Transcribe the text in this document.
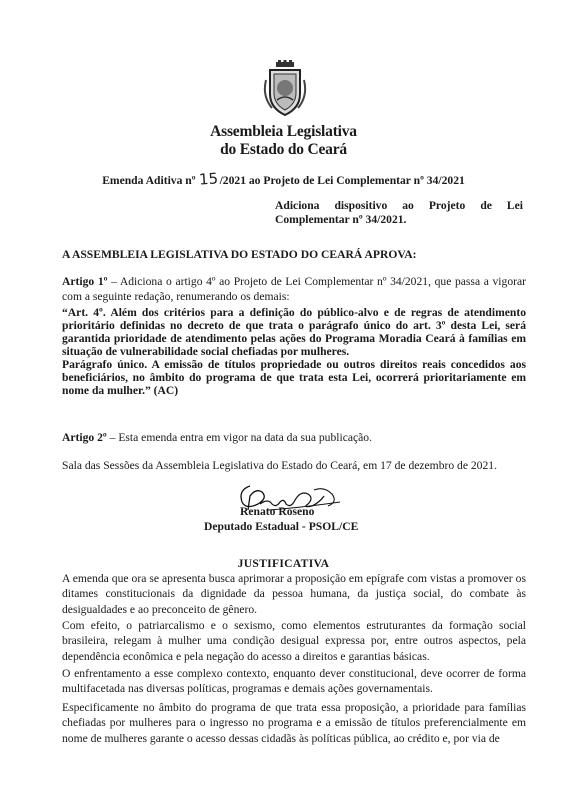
Assembleia Legislativa
do Estado do Ceará
Emenda Aditiva nº 15/2021 ao Projeto de Lei Complementar nº 34/2021
Adiciona dispositivo ao Projeto de Lei Complementar nº 34/2021.
A ASSEMBLEIA LEGISLATIVA DO ESTADO DO CEARÁ APROVA:
Artigo 1º – Adiciona o artigo 4º ao Projeto de Lei Complementar nº 34/2021, que passa a vigorar com a seguinte redação, renumerando os demais:
“Art. 4º. Além dos critérios para a definição do público-alvo e de regras de atendimento prioritário definidas no decreto de que trata o parágrafo único do art. 3º desta Lei, será garantida prioridade de atendimento pelas ações do Programa Moradia Ceará à famílias em situação de vulnerabilidade social chefiadas por mulheres.
Parágrafo único. A emissão de títulos propriedade ou outros direitos reais concedidos aos beneficiários, no âmbito do programa de que trata esta Lei, ocorrerá prioritariamente em nome da mulher.” (AC)
Artigo 2º – Esta emenda entra em vigor na data da sua publicação.
Sala das Sessões da Assembleia Legislativa do Estado do Ceará, em 17 de dezembro de 2021.
Renato Roseno
Deputado Estadual - PSOL/CE
JUSTIFICATIVA
A emenda que ora se apresenta busca aprimorar a proposição em epígrafe com vistas a promover os ditames constitucionais da dignidade da pessoa humana, da justiça social, do combate às desigualdades e ao preconceito de gênero.
Com efeito, o patriarcalismo e o sexismo, como elementos estruturantes da formação social brasileira, relegam à mulher uma condição desigual expressa por, entre outros aspectos, pela dependência econômica e pela negação do acesso a direitos e garantias básicas.
O enfrentamento a esse complexo contexto, enquanto dever constitucional, deve ocorrer de forma multifacetada nas diversas políticas, programas e demais ações governamentais.
Especificamente no âmbito do programa de que trata essa proposição, a prioridade para famílias chefiadas por mulheres para o ingresso no programa e a emissão de títulos preferencialmente em nome de mulheres garante o acesso dessas cidadãs às políticas pública, ao crédito e, por via de
